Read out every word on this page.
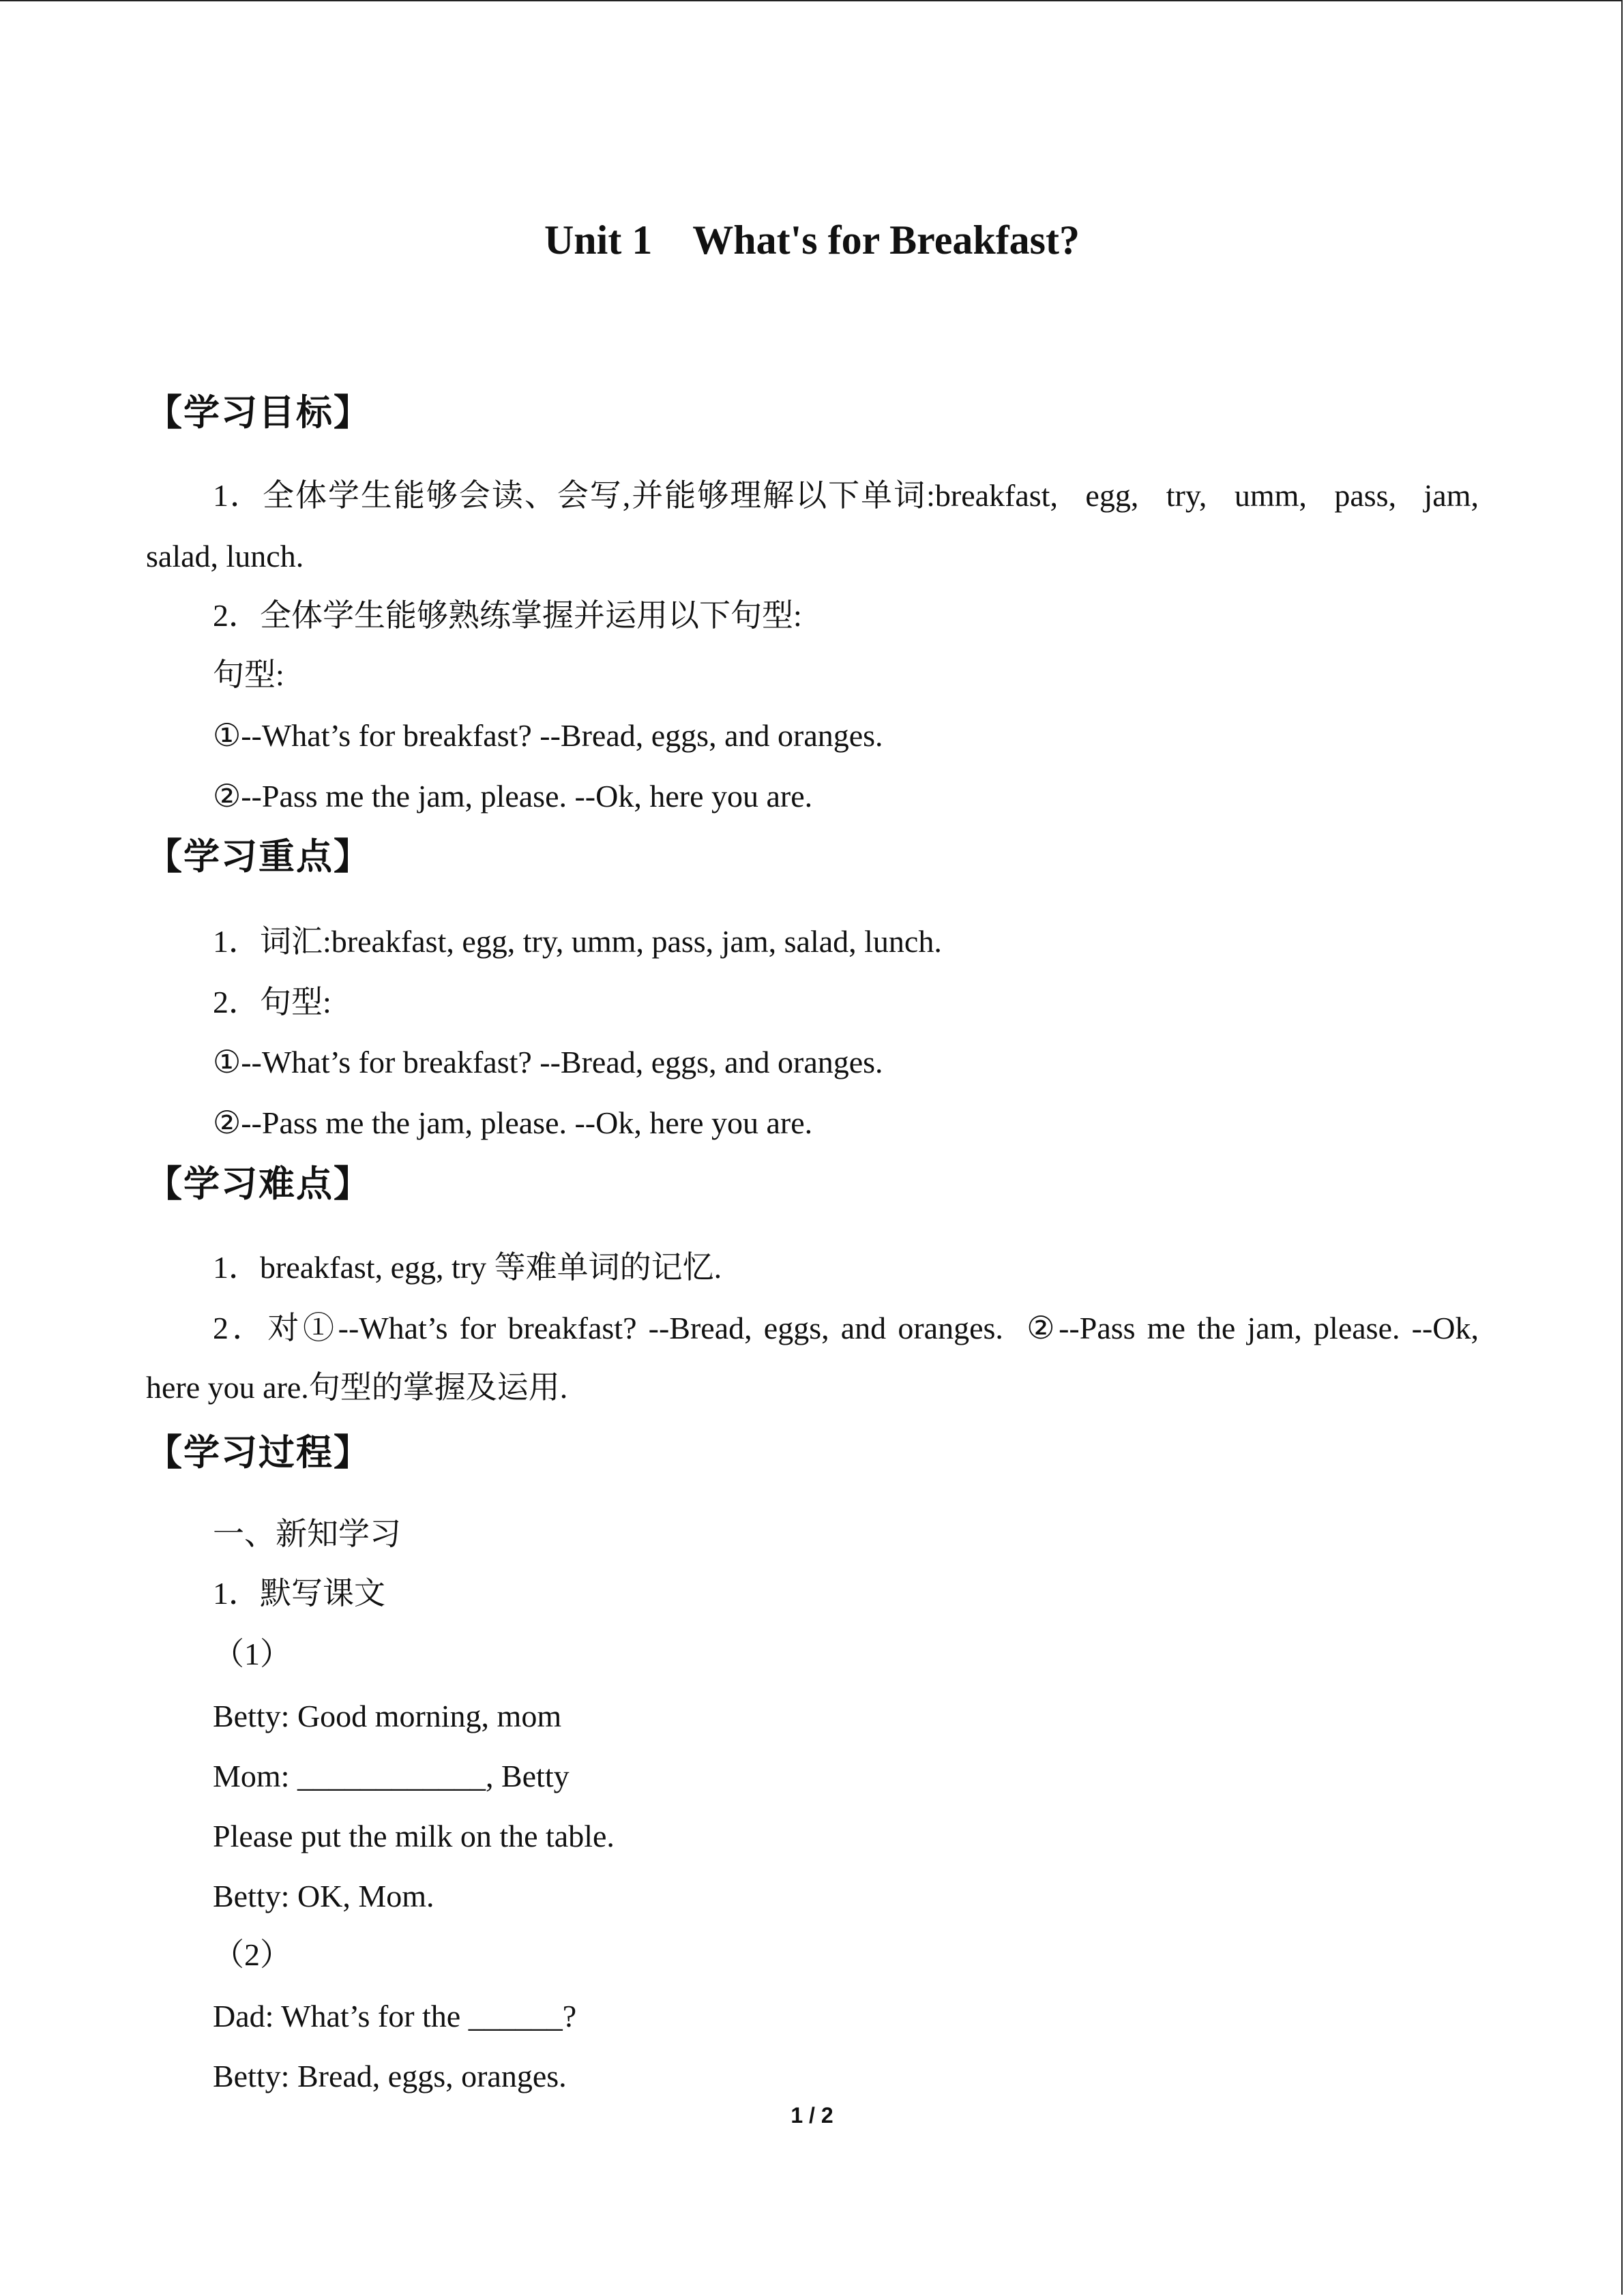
Unit 1    What's for Breakfast?
【学习目标】
1．全体学生能够会读、会写,并能够理解以下单词:breakfast,   egg,   try,   umm,   pass,   jam,
salad, lunch.
2．全体学生能够熟练掌握并运用以下句型:
句型:
①--What’s for breakfast? --Bread, eggs, and oranges.
②--Pass me the jam, please. --Ok, here you are.
【学习重点】
1．词汇:breakfast, egg, try, umm, pass, jam, salad, lunch.
2．句型:
①--What’s for breakfast? --Bread, eggs, and oranges.
②--Pass me the jam, please. --Ok, here you are.
【学习难点】
1．breakfast, egg, try 等难单词的记忆.
2．对①--What’s for breakfast? --Bread, eggs, and oranges.  ②--Pass me the jam, please. --Ok,
here you are.句型的掌握及运用.
【学习过程】
一、新知学习
1．默写课文
（1）
Betty: Good morning, mom
Mom: ____________, Betty
Please put the milk on the table.
Betty: OK, Mom.
（2）
Dad: What’s for the ______?
Betty: Bread, eggs, oranges.
1 / 2
